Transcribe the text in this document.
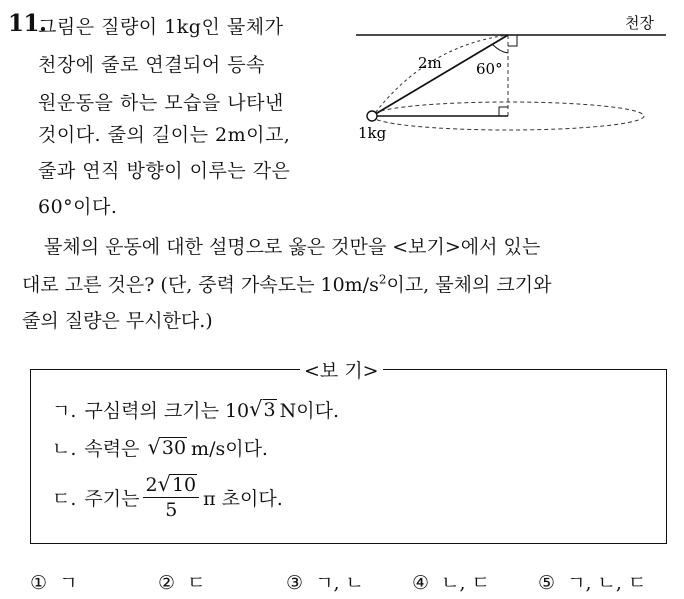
11.
그림은 질량이 1kg인 물체가
천장에 줄로 연결되어 등속
원운동을 하는 모습을 나타낸
것이다. 줄의 길이는 2m이고,
줄과 연직 방향이 이루는 각은
60°이다.
천장
2m 60°
1kg
물체의 운동에 대한 설명으로 옳은 것만을 <보기>에서 있는
대로 고른 것은? (단, 중력 가속도는 $10m/s^2$이고, 물체의 크기와
줄의 질량은 무시한다.)
<보 기>
ㄱ. 구심력의 크기는 10 √ 3 N이다.
ㄴ. 속력은 √ 30 m/s이다.
ㄷ. 주기는 $\frac{2 √ 10}{5}$ π 초이다.
① ㄱ	② ㄷ	③ ㄱ, ㄴ	④ ㄴ, ㄷ	⑤ ㄱ, ㄴ, ㄷ
